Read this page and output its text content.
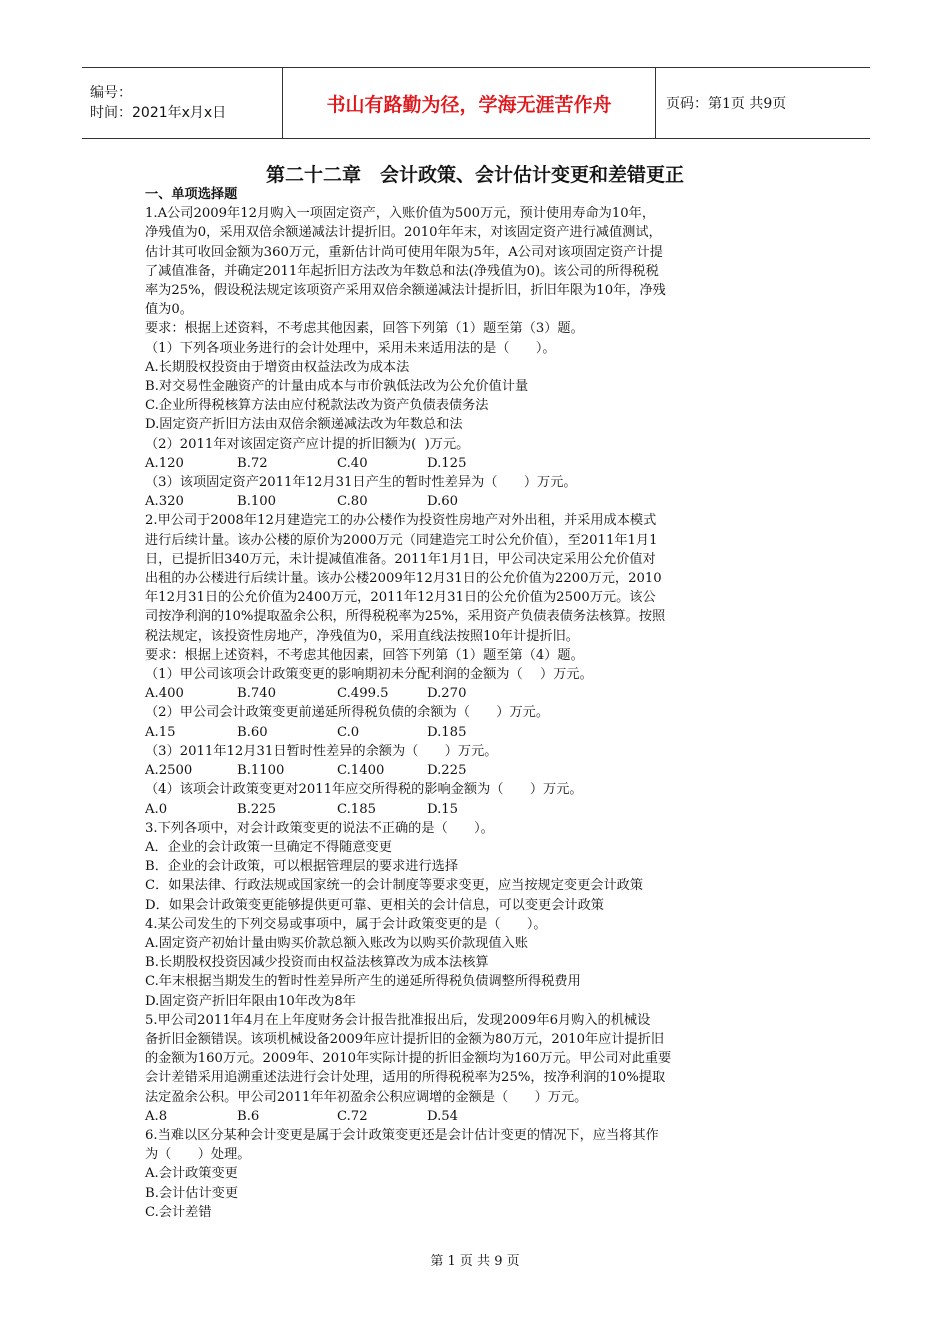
编号：
时间：2021年x月x日	书山有路勤为径，学海无涯苦作舟	页码：第1页 共9页
第二十二章　会计政策、会计估计变更和差错更正
一、单项选择题
1.A公司2009年12月购入一项固定资产，入账价值为500万元，预计使用寿命为10年，
净残值为0，采用双倍余额递减法计提折旧。2010年年末，对该固定资产进行减值测试，
估计其可收回金额为360万元，重新估计尚可使用年限为5年，A公司对该项固定资产计提
了减值准备，并确定2011年起折旧方法改为年数总和法(净残值为0)。该公司的所得税税
率为25%，假设税法规定该项资产采用双倍余额递减法计提折旧，折旧年限为10年，净残
值为0。
要求：根据上述资料，不考虑其他因素，回答下列第（1）题至第（3）题。
（1）下列各项业务进行的会计处理中，采用未来适用法的是（　　）。
A.长期股权投资由于增资由权益法改为成本法
B.对交易性金融资产的计量由成本与市价孰低法改为公允价值计量
C.企业所得税核算方法由应付税款法改为资产负债表债务法
D.固定资产折旧方法由双倍余额递减法改为年数总和法
（2）2011年对该固定资产应计提的折旧额为(  )万元。
A.120	B.72	C.40	D.125
（3）该项固定资产2011年12月31日产生的暂时性差异为（　　）万元。
A.320	B.100	C.80	D.60
2.甲公司于2008年12月建造完工的办公楼作为投资性房地产对外出租，并采用成本模式
进行后续计量。该办公楼的原价为2000万元（同建造完工时公允价值），至2011年1月1
日，已提折旧340万元，未计提减值准备。2011年1月1日，甲公司决定采用公允价值对
出租的办公楼进行后续计量。该办公楼2009年12月31日的公允价值为2200万元，2010
年12月31日的公允价值为2400万元，2011年12月31日的公允价值为2500万元。该公
司按净利润的10%提取盈余公积，所得税税率为25%，采用资产负债表债务法核算。按照
税法规定，该投资性房地产，净残值为0，采用直线法按照10年计提折旧。
要求：根据上述资料，不考虑其他因素，回答下列第（1）题至第（4）题。
（1）甲公司该项会计政策变更的影响期初未分配利润的金额为（　 ）万元。
A.400	B.740	C.499.5	D.270
（2）甲公司会计政策变更前递延所得税负债的余额为（　　）万元。
A.15	B.60	C.0	D.185
（3）2011年12月31日暂时性差异的余额为（　　）万元。
A.2500	B.1100	C.1400	D.225
（4）该项会计政策变更对2011年应交所得税的影响金额为（　　）万元。
A.0	B.225	C.185	D.15
3.下列各项中，对会计政策变更的说法不正确的是（　　）。
A．企业的会计政策一旦确定不得随意变更
B．企业的会计政策，可以根据管理层的要求进行选择
C．如果法律、行政法规或国家统一的会计制度等要求变更，应当按规定变更会计政策
D．如果会计政策变更能够提供更可靠、更相关的会计信息，可以变更会计政策
4.某公司发生的下列交易或事项中，属于会计政策变更的是（　　）。
A.固定资产初始计量由购买价款总额入账改为以购买价款现值入账
B.长期股权投资因减少投资而由权益法核算改为成本法核算
C.年末根据当期发生的暂时性差异所产生的递延所得税负债调整所得税费用
D.固定资产折旧年限由10年改为8年
5.甲公司2011年4月在上年度财务会计报告批准报出后，发现2009年6月购入的机械设
备折旧金额错误。该项机械设备2009年应计提折旧的金额为80万元，2010年应计提折旧
的金额为160万元。2009年、2010年实际计提的折旧金额均为160万元。甲公司对此重要
会计差错采用追溯重述法进行会计处理，适用的所得税税率为25%，按净利润的10%提取
法定盈余公积。甲公司2011年年初盈余公积应调增的金额是（　　）万元。
A.8	B.6	C.72	D.54
6.当难以区分某种会计变更是属于会计政策变更还是会计估计变更的情况下，应当将其作
为（　　）处理。
A.会计政策变更
B.会计估计变更
C.会计差错
第 1 页 共 9 页
